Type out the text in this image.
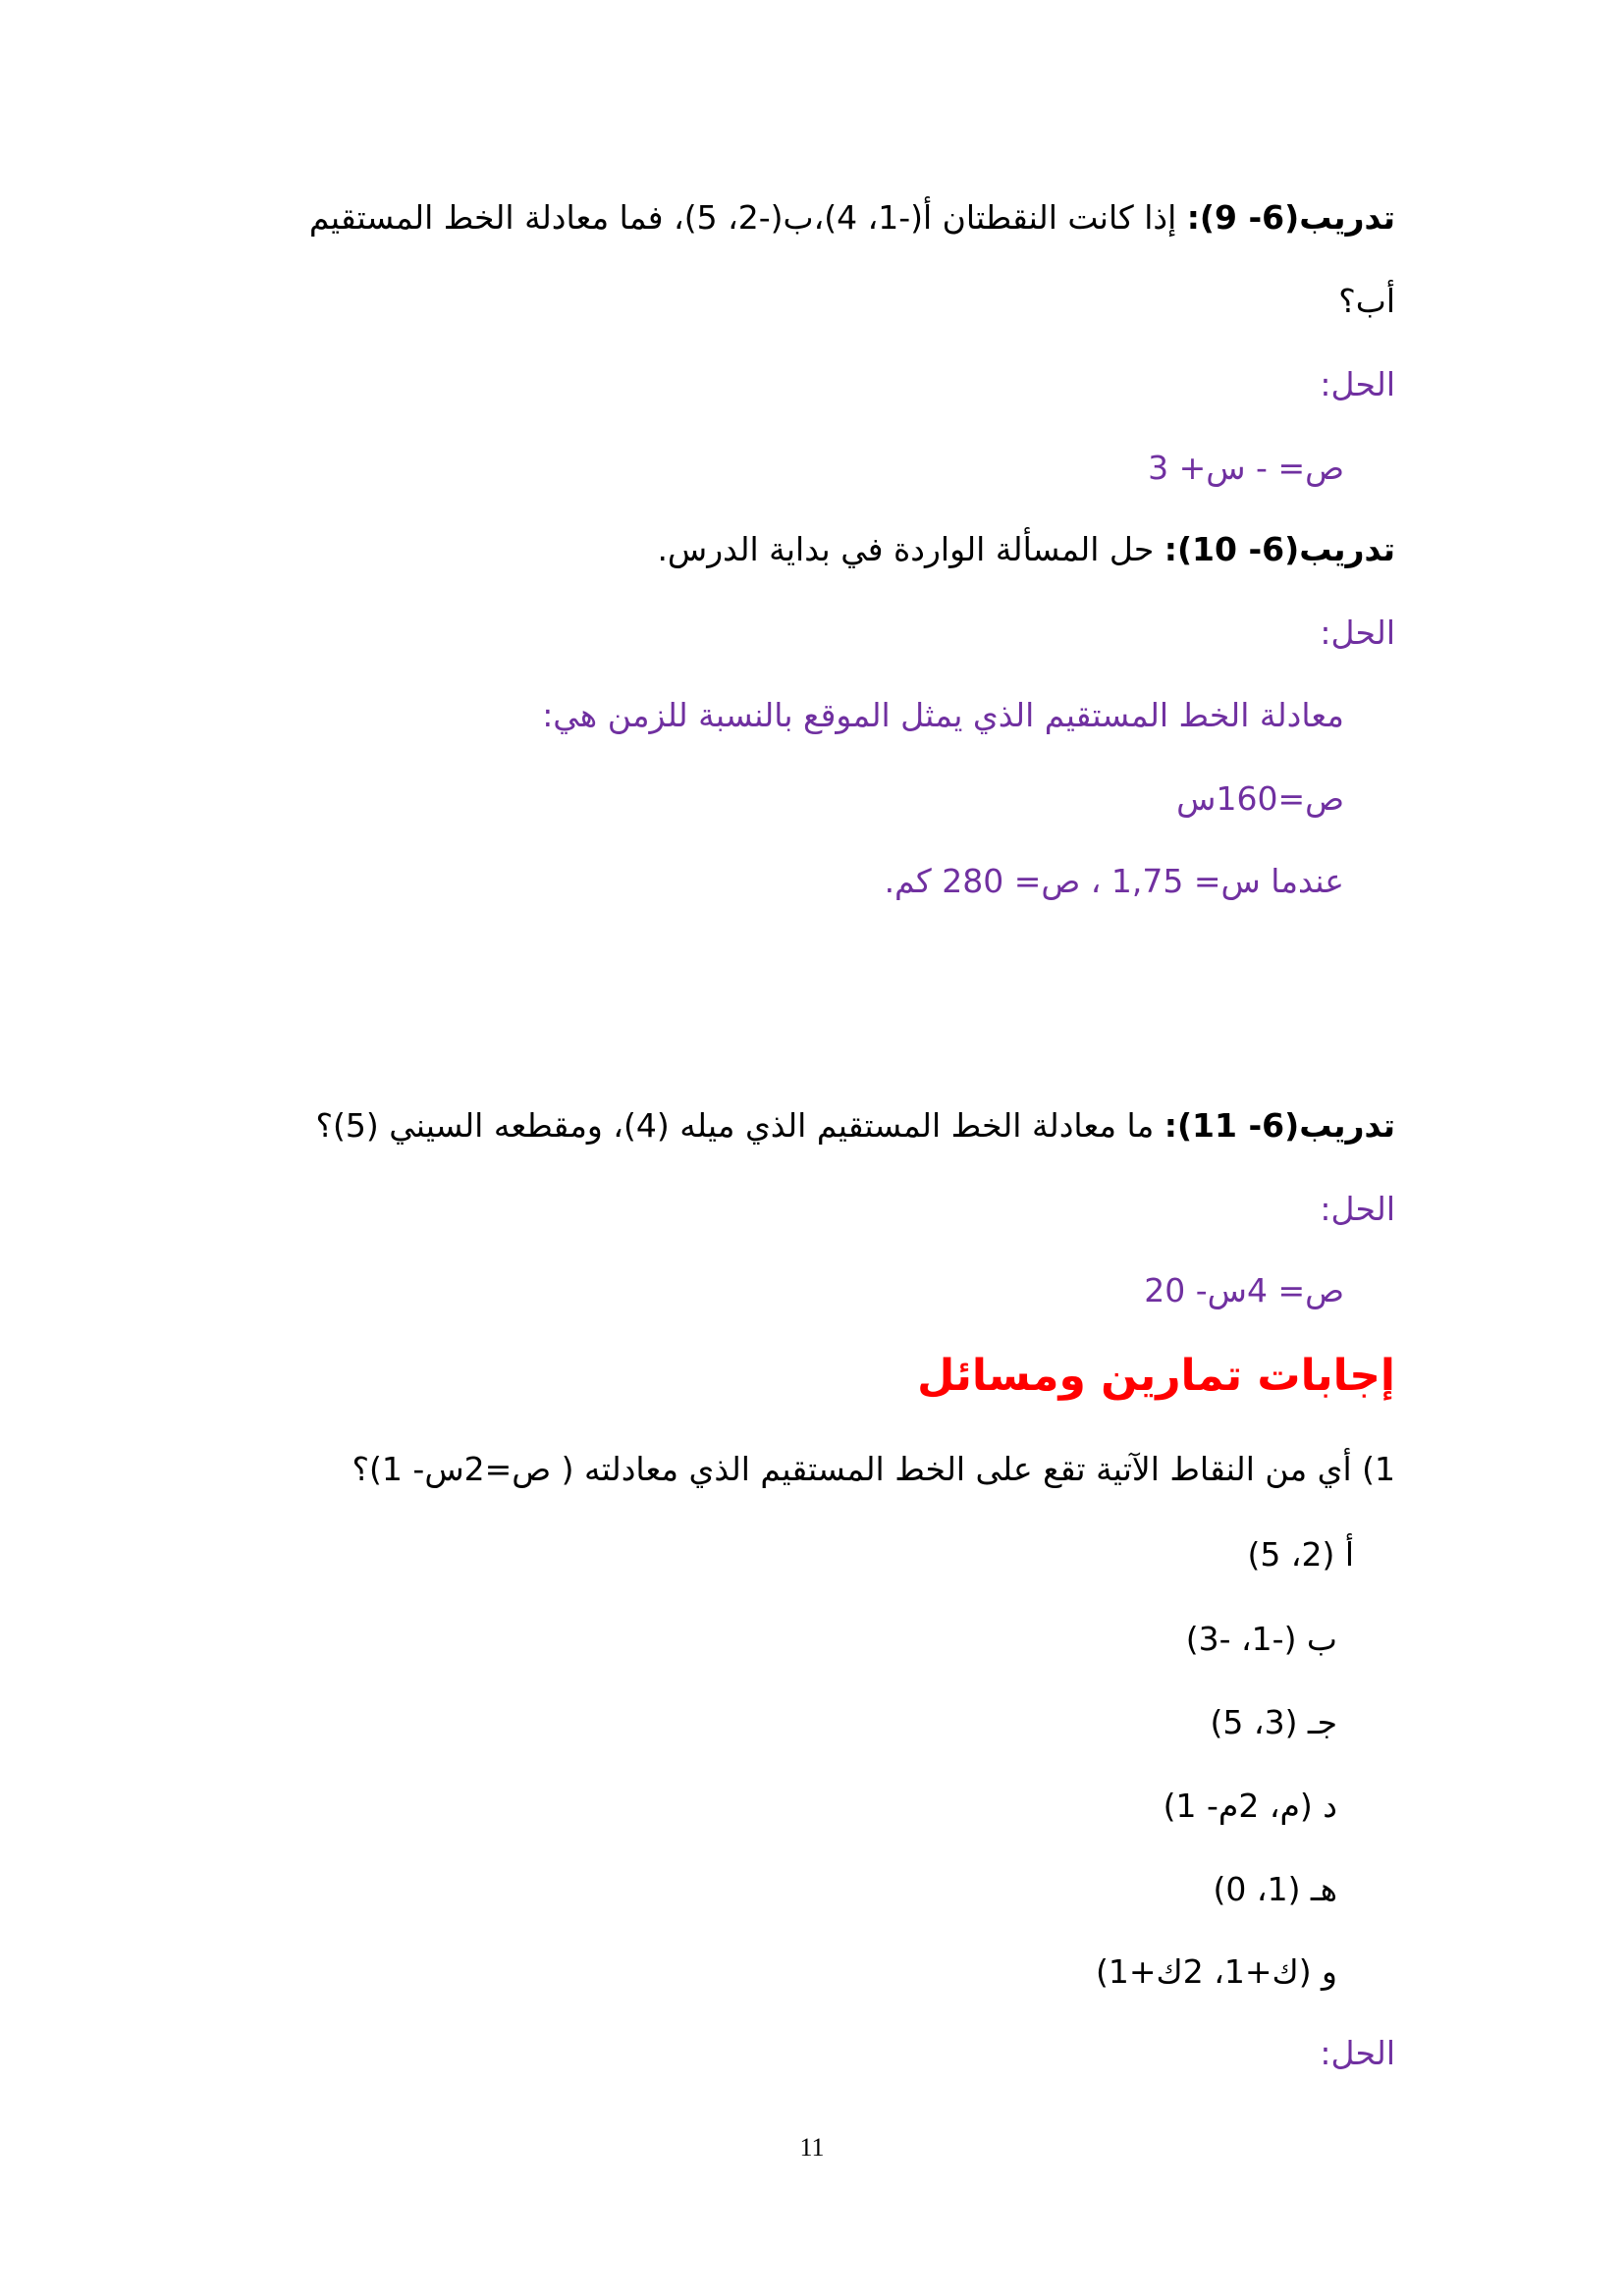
تدريب(6- 9): إذا كانت النقطتان أ(-1، 4)،ب(-2، 5)، فما معادلة الخط المستقيم
أب؟
الحل:
ص= - س+ 3
تدريب(6- 10): حل المسألة الواردة في بداية الدرس.
الحل:
معادلة الخط المستقيم الذي يمثل الموقع بالنسبة للزمن هي:
ص=160س
عندما س= 1,75 ، ص= 280 كم.
تدريب(6- 11): ما معادلة الخط المستقيم الذي ميله (4)، ومقطعه السيني (5)؟
الحل:
ص= 4س- 20
إجابات تمارين ومسائل
1) أي من النقاط الآتية تقع على الخط المستقيم الذي معادلته ( ص=2س- 1)؟
أ (2، 5)
ب (-1، -3)
جـ (3، 5)
د (م، 2م- 1)
هـ (1، 0)
و (ك+1، 2ك+1)
الحل:
11
